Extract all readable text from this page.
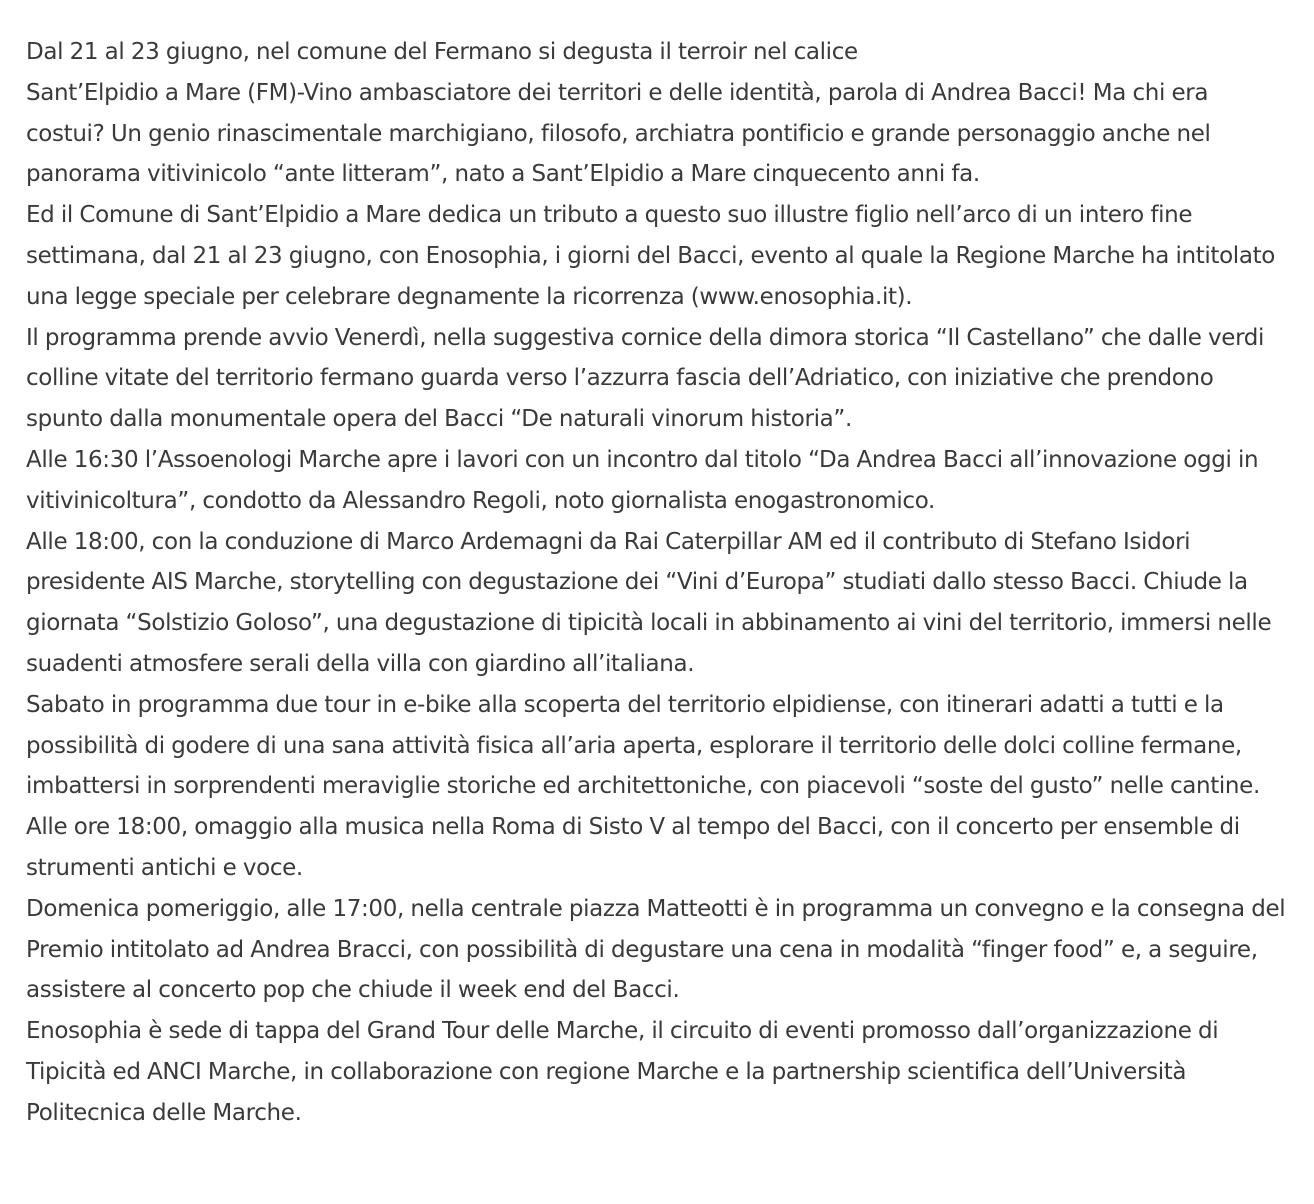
Dal 21 al 23 giugno, nel comune del Fermano si degusta il terroir nel calice

Sant’Elpidio a Mare (FM)-Vino ambasciatore dei territori e delle identità, parola di Andrea Bacci! Ma chi era costui? Un genio rinascimentale marchigiano, filosofo, archiatra pontificio e grande personaggio anche nel panorama vitivinicolo “ante litteram”, nato a Sant’Elpidio a Mare cinquecento anni fa.

Ed il Comune di Sant’Elpidio a Mare dedica un tributo a questo suo illustre figlio nell’arco di un intero fine settimana, dal 21 al 23 giugno, con Enosophia, i giorni del Bacci, evento al quale la Regione Marche ha intitolato una legge speciale per celebrare degnamente la ricorrenza (www.enosophia.it).

Il programma prende avvio Venerdì, nella suggestiva cornice della dimora storica “Il Castellano” che dalle verdi colline vitate del territorio fermano guarda verso l’azzurra fascia dell’Adriatico, con iniziative che prendono spunto dalla monumentale opera del Bacci “De naturali vinorum historia”.

Alle 16:30 l’Assoenologi Marche apre i lavori con un incontro dal titolo “Da Andrea Bacci all’innovazione oggi in vitivinicoltura”, condotto da Alessandro Regoli, noto giornalista enogastronomico.

Alle 18:00, con la conduzione di Marco Ardemagni da Rai Caterpillar AM ed il contributo di Stefano Isidori presidente AIS Marche, storytelling con degustazione dei “Vini d’Europa” studiati dallo stesso Bacci. Chiude la giornata “Solstizio Goloso”, una degustazione di tipicità locali in abbinamento ai vini del territorio, immersi nelle suadenti atmosfere serali della villa con giardino all’italiana.

Sabato in programma due tour in e-bike alla scoperta del territorio elpidiense, con itinerari adatti a tutti e la possibilità di godere di una sana attività fisica all’aria aperta, esplorare il territorio delle dolci colline fermane, imbattersi in sorprendenti meraviglie storiche ed architettoniche, con piacevoli “soste del gusto” nelle cantine. Alle ore 18:00, omaggio alla musica nella Roma di Sisto V al tempo del Bacci, con il concerto per ensemble di strumenti antichi e voce.

Domenica pomeriggio, alle 17:00, nella centrale piazza Matteotti è in programma un convegno e la consegna del Premio intitolato ad Andrea Bracci, con possibilità di degustare una cena in modalità “finger food” e, a seguire, assistere al concerto pop che chiude il week end del Bacci.

Enosophia è sede di tappa del Grand Tour delle Marche, il circuito di eventi promosso dall’organizzazione di Tipicità ed ANCI Marche, in collaborazione con regione Marche e la partnership scientifica dell’Università Politecnica delle Marche.
